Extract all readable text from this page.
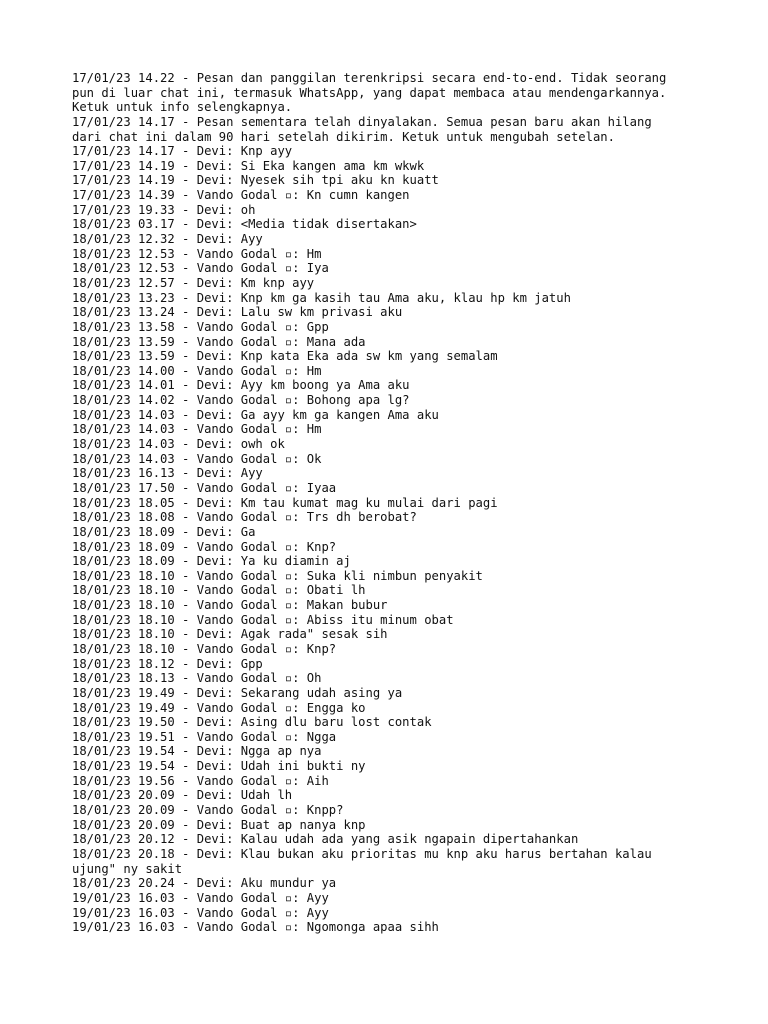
17/01/23 14.22 - Pesan dan panggilan terenkripsi secara end-to-end. Tidak seorang
pun di luar chat ini, termasuk WhatsApp, yang dapat membaca atau mendengarkannya.
Ketuk untuk info selengkapnya.
17/01/23 14.17 - Pesan sementara telah dinyalakan. Semua pesan baru akan hilang
dari chat ini dalam 90 hari setelah dikirim. Ketuk untuk mengubah setelan.
17/01/23 14.17 - Devi: Knp ayy
17/01/23 14.19 - Devi: Si Eka kangen ama km wkwk
17/01/23 14.19 - Devi: Nyesek sih tpi aku kn kuatt
17/01/23 14.39 - Vando Godal ▫: Kn cumn kangen
17/01/23 19.33 - Devi: oh
18/01/23 03.17 - Devi: <Media tidak disertakan>
18/01/23 12.32 - Devi: Ayy
18/01/23 12.53 - Vando Godal ▫: Hm
18/01/23 12.53 - Vando Godal ▫: Iya
18/01/23 12.57 - Devi: Km knp ayy
18/01/23 13.23 - Devi: Knp km ga kasih tau Ama aku, klau hp km jatuh
18/01/23 13.24 - Devi: Lalu sw km privasi aku
18/01/23 13.58 - Vando Godal ▫: Gpp
18/01/23 13.59 - Vando Godal ▫: Mana ada
18/01/23 13.59 - Devi: Knp kata Eka ada sw km yang semalam
18/01/23 14.00 - Vando Godal ▫: Hm
18/01/23 14.01 - Devi: Ayy km boong ya Ama aku
18/01/23 14.02 - Vando Godal ▫: Bohong apa lg?
18/01/23 14.03 - Devi: Ga ayy km ga kangen Ama aku
18/01/23 14.03 - Vando Godal ▫: Hm
18/01/23 14.03 - Devi: owh ok
18/01/23 14.03 - Vando Godal ▫: Ok
18/01/23 16.13 - Devi: Ayy
18/01/23 17.50 - Vando Godal ▫: Iyaa
18/01/23 18.05 - Devi: Km tau kumat mag ku mulai dari pagi
18/01/23 18.08 - Vando Godal ▫: Trs dh berobat?
18/01/23 18.09 - Devi: Ga
18/01/23 18.09 - Vando Godal ▫: Knp?
18/01/23 18.09 - Devi: Ya ku diamin aj
18/01/23 18.10 - Vando Godal ▫: Suka kli nimbun penyakit
18/01/23 18.10 - Vando Godal ▫: Obati lh
18/01/23 18.10 - Vando Godal ▫: Makan bubur
18/01/23 18.10 - Vando Godal ▫: Abiss itu minum obat
18/01/23 18.10 - Devi: Agak rada" sesak sih
18/01/23 18.10 - Vando Godal ▫: Knp?
18/01/23 18.12 - Devi: Gpp
18/01/23 18.13 - Vando Godal ▫: Oh
18/01/23 19.49 - Devi: Sekarang udah asing ya
18/01/23 19.49 - Vando Godal ▫: Engga ko
18/01/23 19.50 - Devi: Asing dlu baru lost contak
18/01/23 19.51 - Vando Godal ▫: Ngga
18/01/23 19.54 - Devi: Ngga ap nya
18/01/23 19.54 - Devi: Udah ini bukti ny
18/01/23 19.56 - Vando Godal ▫: Aih
18/01/23 20.09 - Devi: Udah lh
18/01/23 20.09 - Vando Godal ▫: Knpp?
18/01/23 20.09 - Devi: Buat ap nanya knp
18/01/23 20.12 - Devi: Kalau udah ada yang asik ngapain dipertahankan
18/01/23 20.18 - Devi: Klau bukan aku prioritas mu knp aku harus bertahan kalau
ujung" ny sakit
18/01/23 20.24 - Devi: Aku mundur ya
19/01/23 16.03 - Vando Godal ▫: Ayy
19/01/23 16.03 - Vando Godal ▫: Ayy
19/01/23 16.03 - Vando Godal ▫: Ngomonga apaa sihh
